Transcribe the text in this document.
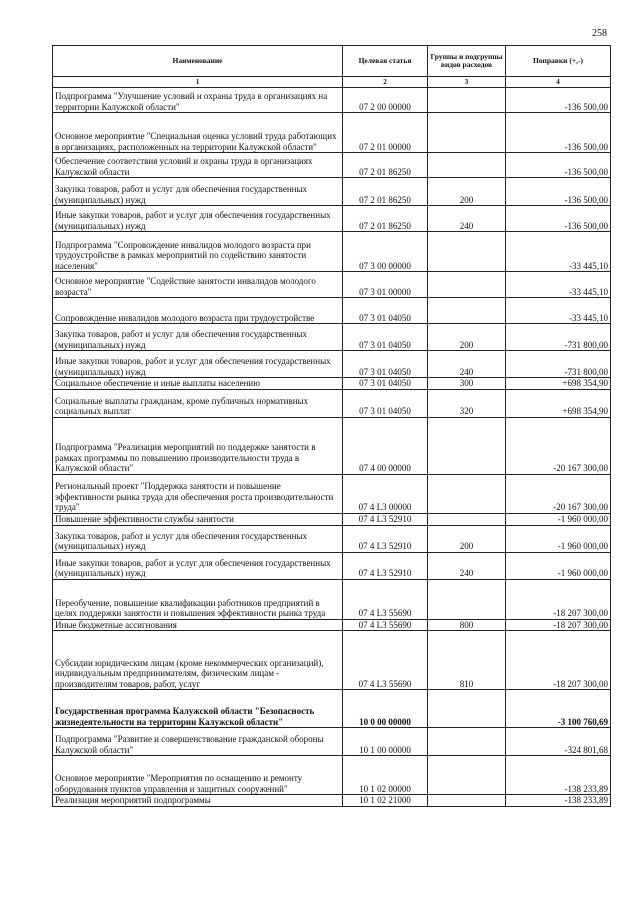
258
Наименование	Целевая статья	Группы и подгруппы видов расходов	Поправки (+,-)
1	2	3	4
Подпрограмма "Улучшение условий и охраны труда в организациях на территории Калужской области"	07 2 00 00000		-136 500,00
Основное мероприятие "Специальная оценка условий труда работающих в организациях, расположенных на территории Калужской области"	07 2 01 00000		-136 500,00
Обеспечение соответствия условий и охраны труда в организациях Калужской области	07 2 01 86250		-136 500,00
Закупка товаров, работ и услуг для обеспечения государственных (муниципальных) нужд	07 2 01 86250	200	-136 500,00
Иные закупки товаров, работ и услуг для обеспечения государственных (муниципальных) нужд	07 2 01 86250	240	-136 500,00
Подпрограмма "Сопровождение инвалидов молодого возраста при трудоустройстве в рамках мероприятий по содействию занятости населения"	07 3 00 00000		-33 445,10
Основное мероприятие "Содействие занятости инвалидов молодого возраста"	07 3 01 00000		-33 445,10
Сопровождение инвалидов молодого возраста при трудоустройстве	07 3 01 04050		-33 445,10
Закупка товаров, работ и услуг для обеспечения государственных (муниципальных) нужд	07 3 01 04050	200	-731 800,00
Иные закупки товаров, работ и услуг для обеспечения государственных (муниципальных) нужд	07 3 01 04050	240	-731 800,00
Социальное обеспечение и иные выплаты населению	07 3 01 04050	300	+698 354,90
Социальные выплаты гражданам, кроме публичных нормативных социальных выплат	07 3 01 04050	320	+698 354,90
Подпрограмма "Реализация мероприятий по поддержке занятости в рамках программы по повышению производительности труда в Калужской области"	07 4 00 00000		-20 167 300,00
Региональный проект "Поддержка занятости и повышение эффективности рынка труда для обеспечения роста производительности труда"	07 4 L3 00000		-20 167 300,00
Повышение эффективности службы занятости	07 4 L3 52910		-1 960 000,00
Закупка товаров, работ и услуг для обеспечения государственных (муниципальных) нужд	07 4 L3 52910	200	-1 960 000,00
Иные закупки товаров, работ и услуг для обеспечения государственных (муниципальных) нужд	07 4 L3 52910	240	-1 960 000,00
Переобучение, повышение квалификации работников предприятий в целях поддержки занятости и повышения эффективности рынка труда	07 4 L3 55690		-18 207 300,00
Иные бюджетные ассигнования	07 4 L3 55690	800	-18 207 300,00
Субсидии юридическим лицам (кроме некоммерческих организаций), индивидуальным предпринимателям, физическим лицам - производителям товаров, работ, услуг	07 4 L3 55690	810	-18 207 300,00
Государственная программа Калужской области "Безопасность жизнедеятельности на территории Калужской области"	10 0 00 00000		-3 100 760,69
Подпрограмма "Развитие и совершенствование гражданской обороны Калужской области"	10 1 00 00000		-324 801,68
Основное мероприятие "Мероприятия по оснащению и ремонту оборудования пунктов управления и защитных сооружений"	10 1 02 00000		-138 233,89
Реализация мероприятий подпрограммы	10 1 02 21000		-138 233,89
